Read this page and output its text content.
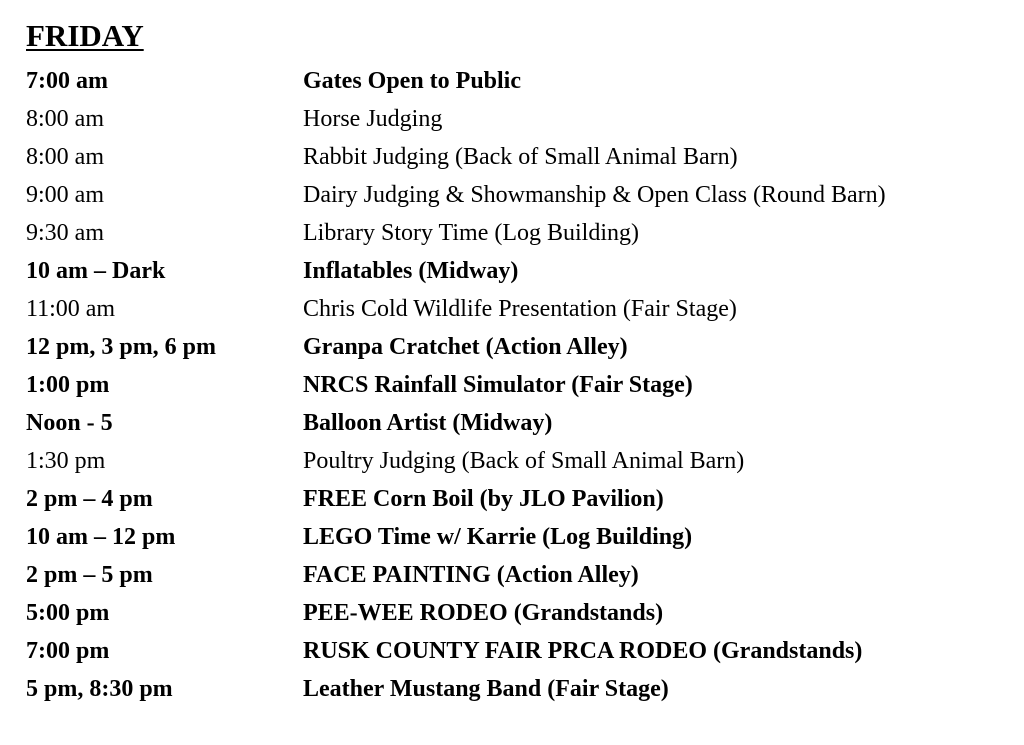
FRIDAY
7:00 am	Gates Open to Public
8:00 am	Horse Judging
8:00 am	Rabbit Judging (Back of Small Animal Barn)
9:00 am	Dairy Judging & Showmanship & Open Class (Round Barn)
9:30 am	Library Story Time (Log Building)
10 am – Dark	Inflatables (Midway)
11:00 am	Chris Cold Wildlife Presentation (Fair Stage)
12 pm, 3 pm, 6 pm	Granpa Cratchet (Action Alley)
1:00 pm	NRCS Rainfall Simulator (Fair Stage)
Noon - 5	Balloon Artist (Midway)
1:30 pm	Poultry Judging (Back of Small Animal Barn)
2 pm – 4 pm	FREE Corn Boil (by JLO Pavilion)
10 am – 12 pm	LEGO Time w/ Karrie (Log Building)
2 pm – 5 pm	FACE PAINTING (Action Alley)
5:00 pm	PEE-WEE RODEO (Grandstands)
7:00 pm	RUSK COUNTY FAIR PRCA RODEO (Grandstands)
5 pm, 8:30 pm	Leather Mustang Band (Fair Stage)
